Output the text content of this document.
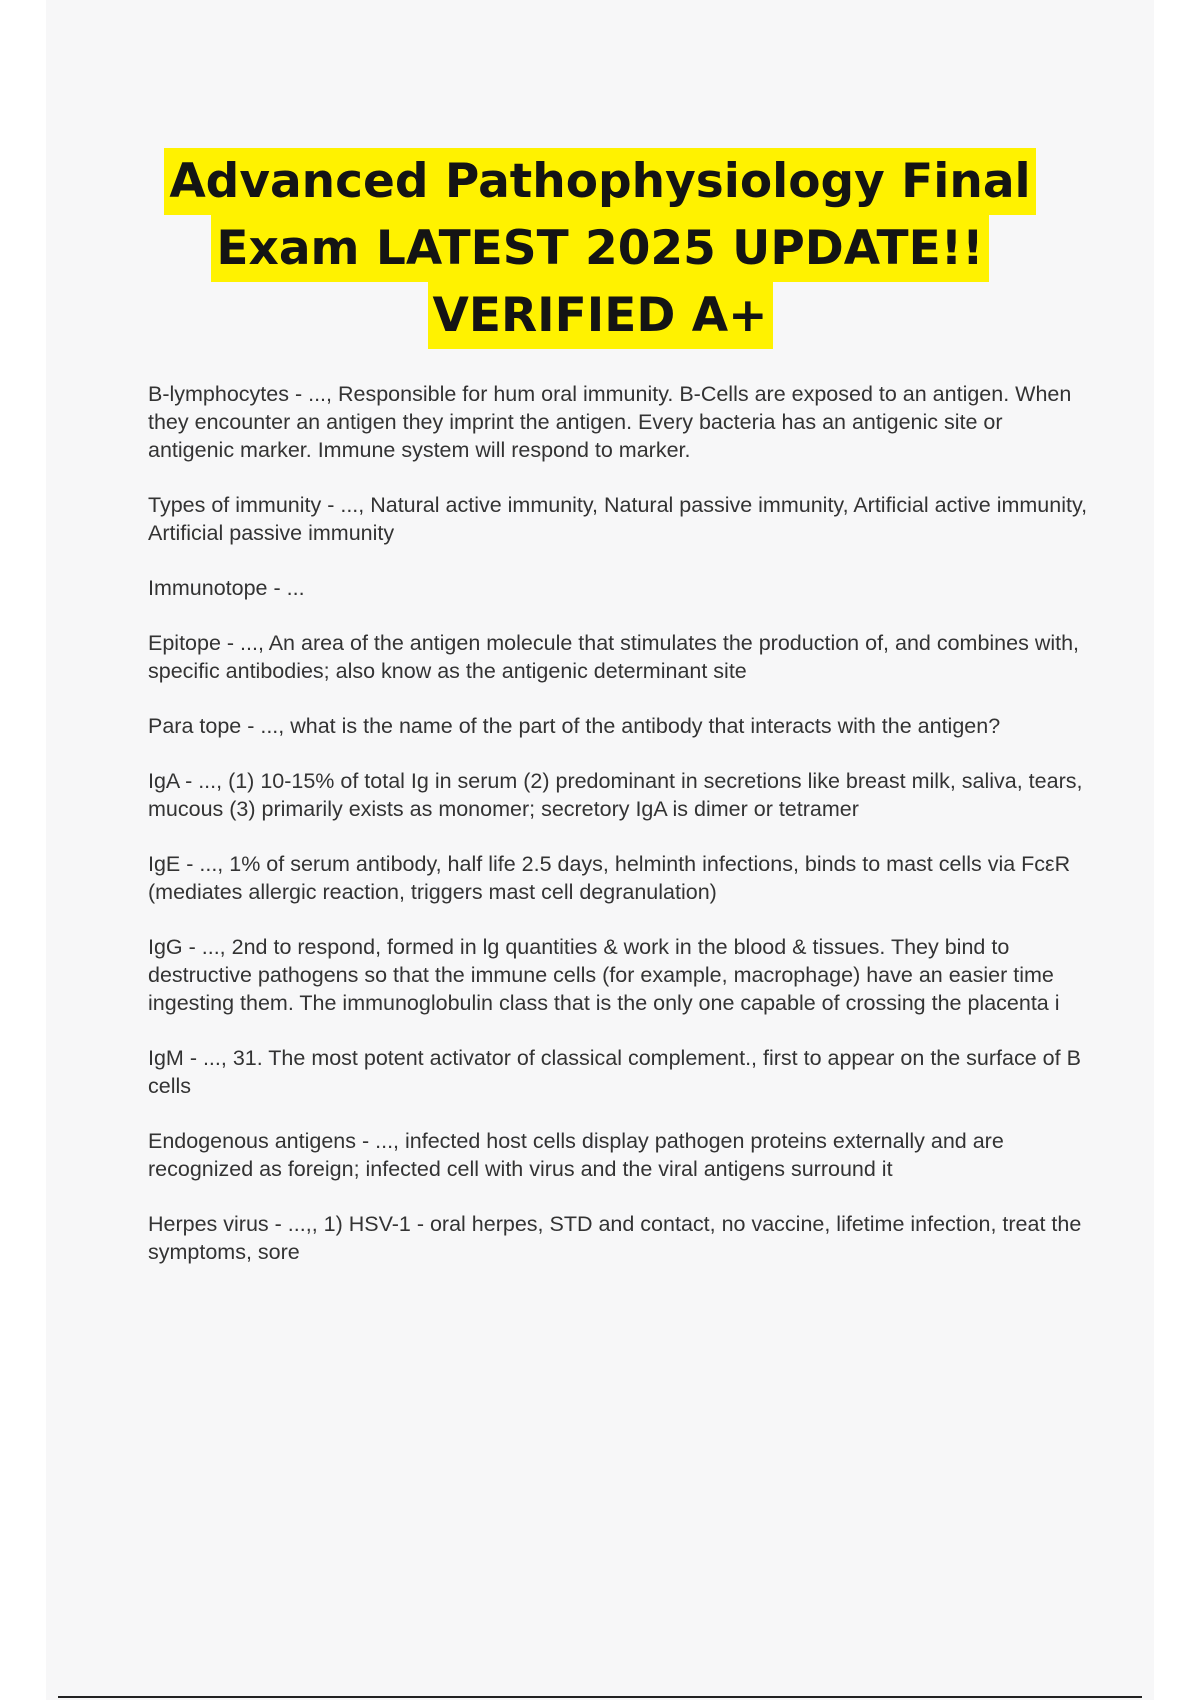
Advanced Pathophysiology Final
Exam LATEST 2025 UPDATE!!
VERIFIED A+

B-lymphocytes - ..., Responsible for hum oral immunity. B-Cells are exposed to an antigen. When they encounter an antigen they imprint the antigen. Every bacteria has an antigenic site or antigenic marker. Immune system will respond to marker.

Types of immunity - ..., Natural active immunity, Natural passive immunity, Artificial active immunity, Artificial passive immunity

Immunotope - ...

Epitope - ..., An area of the antigen molecule that stimulates the production of, and combines with, specific antibodies; also know as the antigenic determinant site

Para tope - ..., what is the name of the part of the antibody that interacts with the antigen?

IgA - ..., (1) 10-15% of total Ig in serum (2) predominant in secretions like breast milk, saliva, tears, mucous (3) primarily exists as monomer; secretory IgA is dimer or tetramer

IgE - ..., 1% of serum antibody, half life 2.5 days, helminth infections, binds to mast cells via FcεR (mediates allergic reaction, triggers mast cell degranulation)

IgG - ..., 2nd to respond, formed in lg quantities & work in the blood & tissues. They bind to destructive pathogens so that the immune cells (for example, macrophage) have an easier time ingesting them. The immunoglobulin class that is the only one capable of crossing the placenta i

IgM - ..., 31. The most potent activator of classical complement., first to appear on the surface of B cells

Endogenous antigens - ..., infected host cells display pathogen proteins externally and are recognized as foreign; infected cell with virus and the viral antigens surround it

Herpes virus - ...,, 1) HSV-1 - oral herpes, STD and contact, no vaccine, lifetime infection, treat the symptoms, sore
